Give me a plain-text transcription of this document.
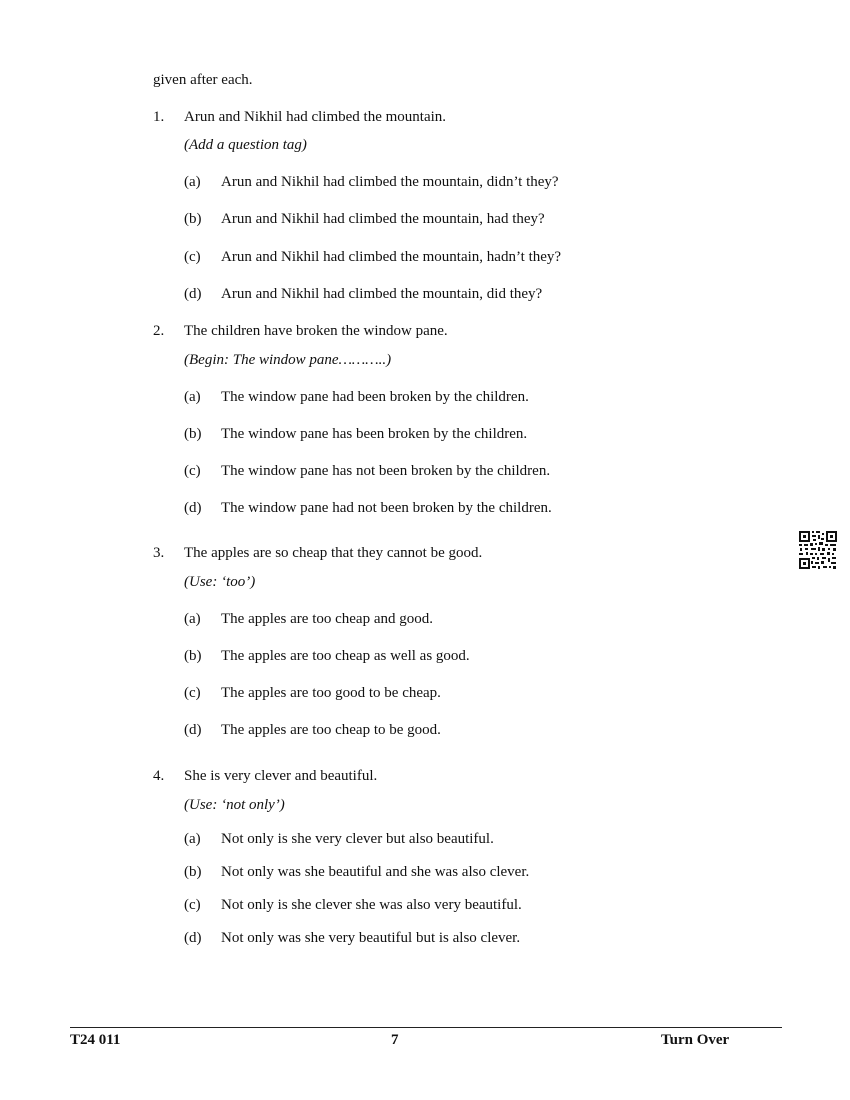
given after each.
1. Arun and Nikhil had climbed the mountain.
(Add a question tag)
(a) Arun and Nikhil had climbed the mountain, didn’t they?
(b) Arun and Nikhil had climbed the mountain, had they?
(c) Arun and Nikhil had climbed the mountain, hadn’t they?
(d) Arun and Nikhil had climbed the mountain, did they?
2. The children have broken the window pane.
(Begin: The window pane………..)
(a) The window pane had been broken by the children.
(b) The window pane has been broken by the children.
(c) The window pane has not been broken by the children.
(d) The window pane had not been broken by the children.
3. The apples are so cheap that they cannot be good.
(Use: ‘too’)
(a) The apples are too cheap and good.
(b) The apples are too cheap as well as good.
(c) The apples are too good to be cheap.
(d) The apples are too cheap to be good.
4. She is very clever and beautiful.
(Use: ‘not only’)
(a) Not only is she very clever but also beautiful.
(b) Not only was she beautiful and she was also clever.
(c) Not only is she clever she was also very beautiful.
(d) Not only was she very beautiful but is also clever.
T24 011	7	Turn Over
